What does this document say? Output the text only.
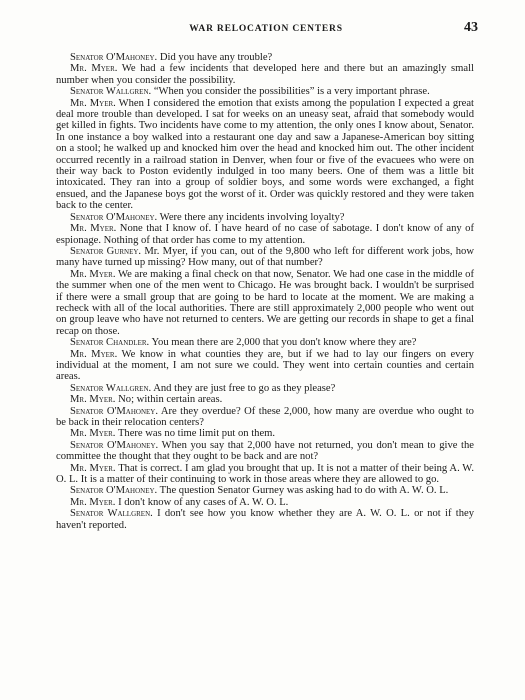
WAR RELOCATION CENTERS	43

Senator O'Mahoney. Did you have any trouble?

Mr. Myer. We had a few incidents that developed here and there but an amazingly small number when you consider the possibility.

Senator Wallgren. “When you consider the possibilities” is a very important phrase.

Mr. Myer. When I considered the emotion that exists among the population I expected a great deal more trouble than developed. I sat for weeks on an uneasy seat, afraid that somebody would get killed in fights. Two incidents have come to my attention, the only ones I know about, Senator. In one instance a boy walked into a restaurant one day and saw a Japanese-American boy sitting on a stool; he walked up and knocked him over the head and knocked him out. The other incident occurred recently in a railroad station in Denver, when four or five of the evacuees who were on their way back to Poston evidently indulged in too many beers. One of them was a little bit intoxicated. They ran into a group of soldier boys, and some words were exchanged, a fight ensued, and the Japanese boys got the worst of it. Order was quickly restored and they were taken back to the center.

Senator O'Mahoney. Were there any incidents involving loyalty?

Mr. Myer. None that I know of. I have heard of no case of sabotage. I don't know of any of espionage. Nothing of that order has come to my attention.

Senator Gurney. Mr. Myer, if you can, out of the 9,800 who left for different work jobs, how many have turned up missing? How many, out of that number?

Mr. Myer. We are making a final check on that now, Senator. We had one case in the middle of the summer when one of the men went to Chicago. He was brought back. I wouldn't be surprised if there were a small group that are going to be hard to locate at the moment. We are making a recheck with all of the local authorities. There are still approximately 2,000 people who went out on group leave who have not returned to centers. We are getting our records in shape to get a final recap on those.

Senator Chandler. You mean there are 2,000 that you don't know where they are?

Mr. Myer. We know in what counties they are, but if we had to lay our fingers on every individual at the moment, I am not sure we could. They went into certain counties and certain areas.

Senator Wallgren. And they are just free to go as they please?

Mr. Myer. No; within certain areas.

Senator O'Mahoney. Are they overdue? Of these 2,000, how many are overdue who ought to be back in their relocation centers?

Mr. Myer. There was no time limit put on them.

Senator O'Mahoney. When you say that 2,000 have not returned, you don't mean to give the committee the thought that they ought to be back and are not?

Mr. Myer. That is correct. I am glad you brought that up. It is not a matter of their being A. W. O. L. It is a matter of their continuing to work in those areas where they are allowed to go.

Senator O'Mahoney. The question Senator Gurney was asking had to do with A. W. O. L.

Mr. Myer. I don't know of any cases of A. W. O. L.

Senator Wallgren. I don't see how you know whether they are A. W. O. L. or not if they haven't reported.
